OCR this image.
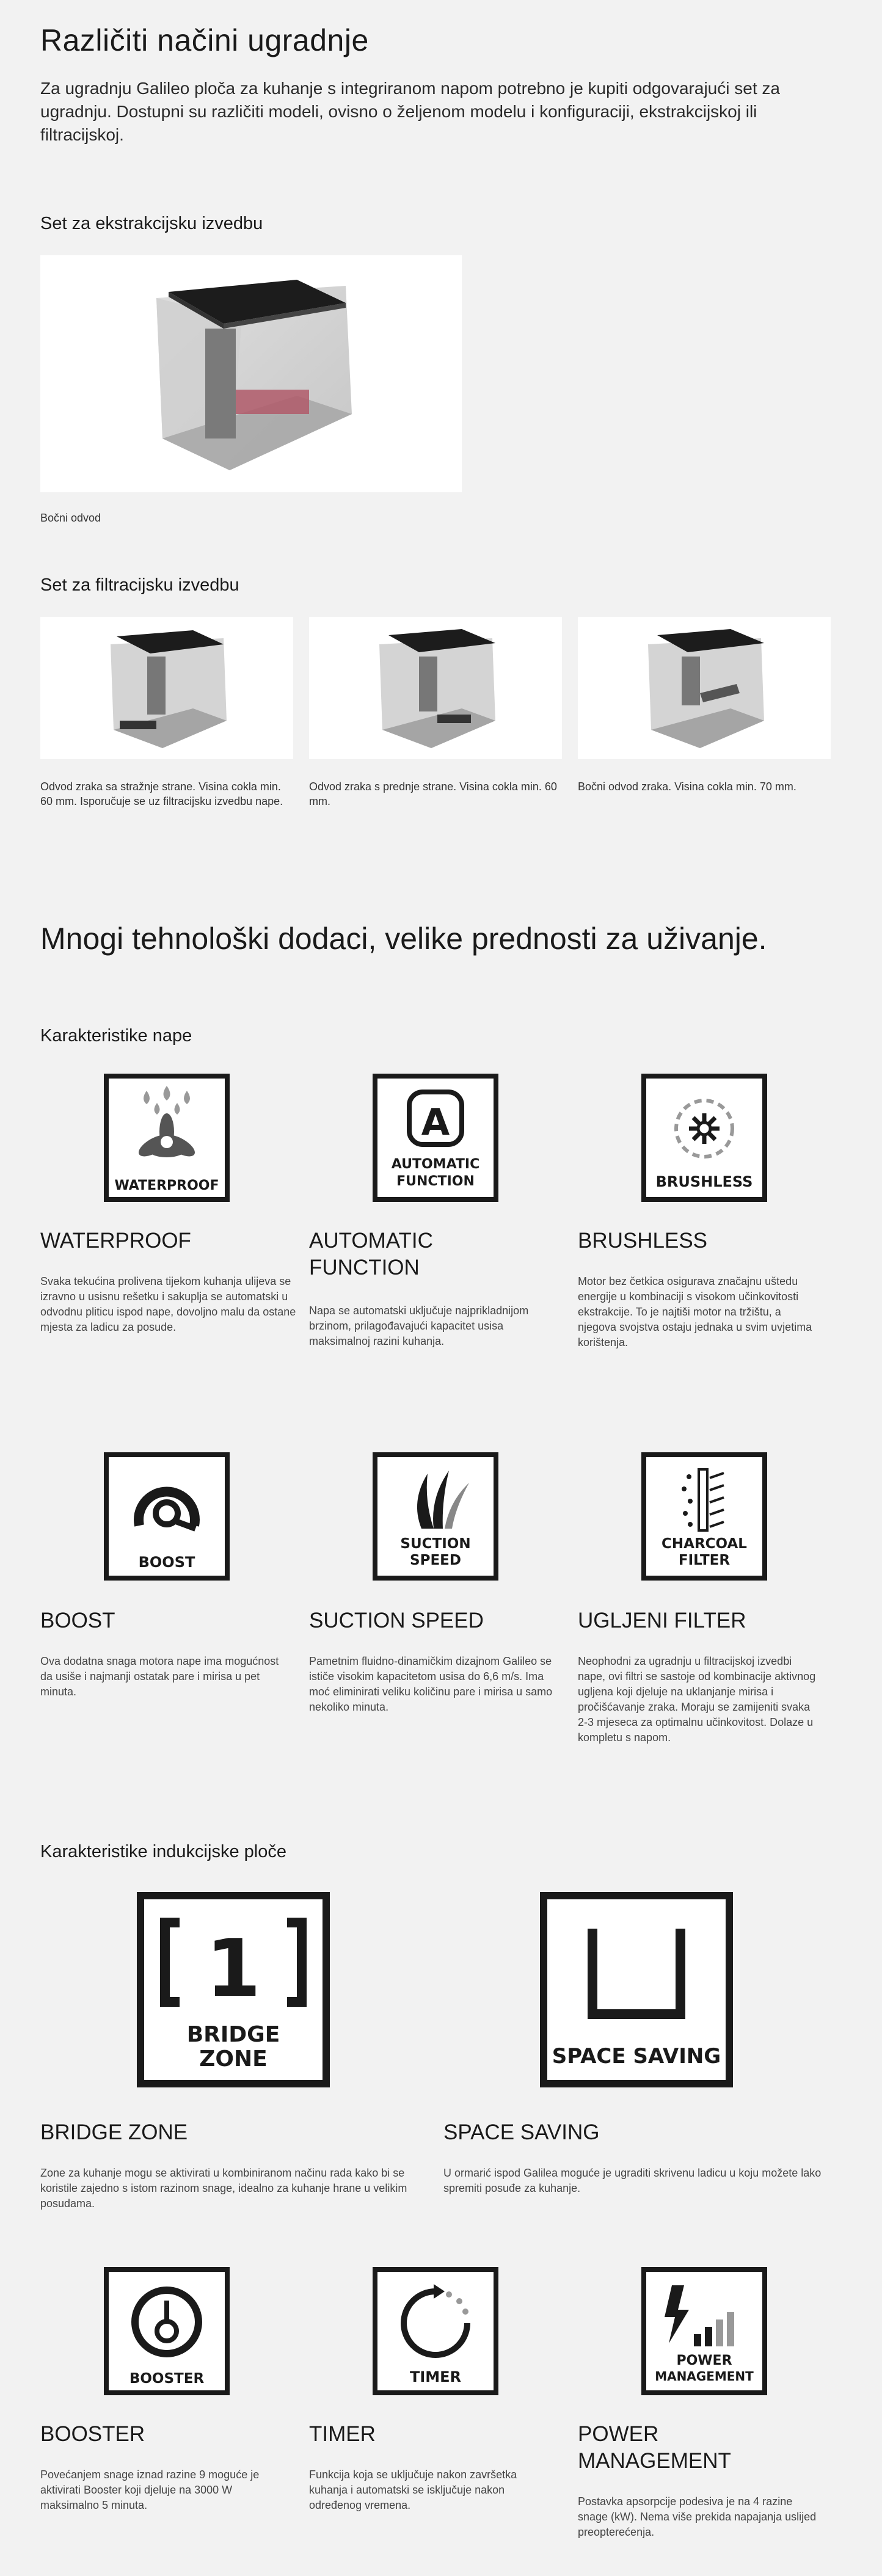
Različiti načini ugradnje
Za ugradnju Galileo ploča za kuhanje s integriranom napom potrebno je kupiti odgovarajući set za ugradnju. Dostupni su različiti modeli, ovisno o željenom modelu i konfiguraciji, ekstrakcijskoj ili filtracijskoj.
Set za ekstrakcijsku izvedbu
Bočni odvod
Set za filtracijsku izvedbu
Odvod zraka sa stražnje strane. Visina cokla min. 60 mm. Isporučuje se uz filtracijsku izvedbu nape.
Odvod zraka s prednje strane. Visina cokla min. 60 mm.
Bočni odvod zraka. Visina cokla min. 70 mm.
Mnogi tehnološki dodaci, velike prednosti za uživanje.
Karakteristike nape
WATERPROOF
A
AUTOMATIC
FUNCTION	BRUSHLESS
WATERPROOF	AUTOMATIC FUNCTION
BRUSHLESS
Svaka tekućina prolivena tijekom kuhanja ulijeva se izravno u usisnu rešetku i sakuplja se automatski u odvodnu pliticu ispod nape, dovoljno malu da ostane mjesta za ladicu za posude.
Napa se automatski uključuje najprikladnijom brzinom, prilagođavajući kapacitet usisa maksimalnoj razini kuhanja.
Motor bez četkica osigurava značajnu uštedu energije u kombinaciji s visokom učinkovitosti ekstrakcije. To je najtiši motor na tržištu, a njegova svojstva ostaju jednaka u svim uvjetima korištenja.
BOOST
SUCTION
SPEED
CHARCOAL
FILTER
BOOST	SUCTION SPEED	UGLJENI FILTER
Ova dodatna snaga motora nape ima mogućnost da usiše i najmanji ostatak pare i mirisa u pet minuta.
Pametnim fluidno-dinamičkim dizajnom Galileo se ističe visokim kapacitetom usisa do 6,6 m/s. Ima moć eliminirati veliku količinu pare i mirisa u samo nekoliko minuta.
Neophodni za ugradnju u filtracijskoj izvedbi nape, ovi filtri se sastoje od kombinacije aktivnog ugljena koji djeluje na uklanjanje mirisa i pročišćavanje zraka. Moraju se zamijeniti svaka 2-3 mjeseca za optimalnu učinkovitost. Dolaze u kompletu s napom.
Karakteristike indukcijske ploče
1
BRIDGE
ZONE	SPACE SAVING
BRIDGE ZONE	SPACE SAVING
Zone za kuhanje mogu se aktivirati u kombiniranom načinu rada kako bi se koristile zajedno s istom razinom snage, idealno za kuhanje hrane u velikim posudama.
U ormarić ispod Galilea moguće je ugraditi skrivenu ladicu u koju možete lako spremiti posuđe za kuhanje.
BOOSTER	TIMER
POWER
MANAGEMENT
BOOSTER	TIMER	POWER MANAGEMENT
Povećanjem snage iznad razine 9 moguće je aktivirati Booster koji djeluje na 3000 W maksimalno 5 minuta.
Funkcija koja se uključuje nakon završetka kuhanja i automatski se isključuje nakon određenog vremena.	Postavka apsorpcije podesiva je na 4 razine snage (kW). Nema više prekida napajanja uslijed preopterećenja.
